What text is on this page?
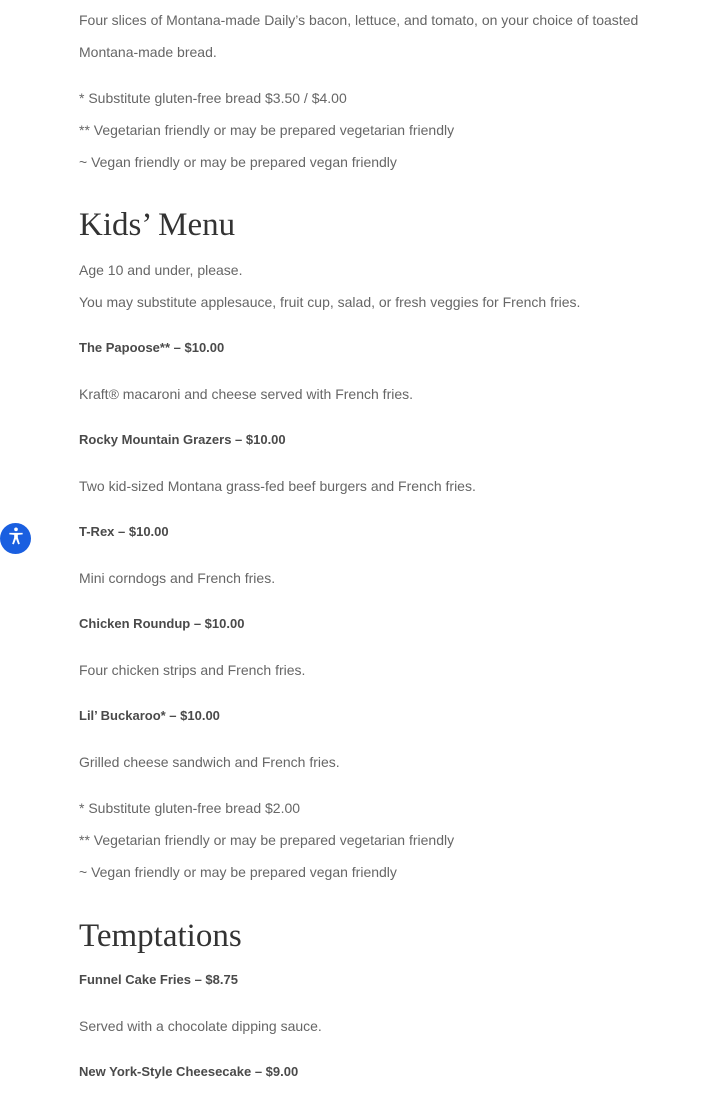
Four slices of Montana-made Daily’s bacon, lettuce, and tomato, on your choice of toasted Montana-made bread.

* Substitute gluten-free bread $3.50 / $4.00

** Vegetarian friendly or may be prepared vegetarian friendly

~ Vegan friendly or may be prepared vegan friendly

Kids’ Menu

Age 10 and under, please.

You may substitute applesauce, fruit cup, salad, or fresh veggies for French fries.

The Papoose** – $10.00

Kraft® macaroni and cheese served with French fries.

Rocky Mountain Grazers – $10.00

Two kid-sized Montana grass-fed beef burgers and French fries.

T-Rex – $10.00

Mini corndogs and French fries.

Chicken Roundup – $10.00

Four chicken strips and French fries.

Lil’ Buckaroo* – $10.00

Grilled cheese sandwich and French fries.

* Substitute gluten-free bread $2.00

** Vegetarian friendly or may be prepared vegetarian friendly

~ Vegan friendly or may be prepared vegan friendly

Temptations

Funnel Cake Fries – $8.75

Served with a chocolate dipping sauce.

New York-Style Cheesecake – $9.00
